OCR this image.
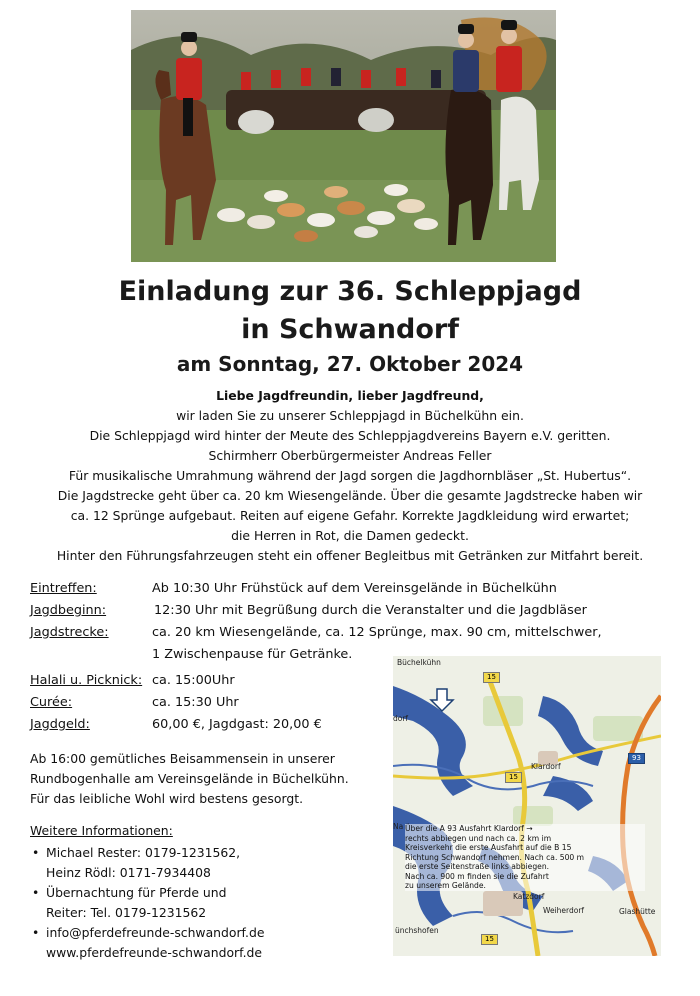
Einladung zur 36. Schleppjagd
in Schwandorf
am Sonntag, 27. Oktober 2024
Liebe Jagdfreundin, lieber Jagdfreund,
wir laden Sie zu unserer Schleppjagd in Büchelkühn ein.
Die Schleppjagd wird hinter der Meute des Schleppjagdvereins Bayern e.V. geritten.
Schirmherr Oberbürgermeister Andreas Feller
Für musikalische Umrahmung während der Jagd sorgen die Jagdhornbläser „St. Hubertus“.
Die Jagdstrecke geht über ca. 20 km Wiesengelände. Über die gesamte Jagdstrecke haben wir
ca. 12 Sprünge aufgebaut. Reiten auf eigene Gefahr. Korrekte Jagdkleidung wird erwartet;
die Herren in Rot, die Damen gedeckt.
Hinter den Führungsfahrzeugen steht ein offener Begleitbus mit Getränken zur Mitfahrt bereit.
Eintreffen:	Ab 10:30 Uhr Frühstück auf dem Vereinsgelände in Büchelkühn
Jagdbeginn:	12:30 Uhr mit Begrüßung durch die Veranstalter und die Jagdbläser
Jagdstrecke:	ca. 20 km Wiesengelände, ca. 12 Sprünge, max. 90 cm, mittelschwer,
1 Zwischenpause für Getränke.
Halali u. Picknick: ca. 15:00Uhr
Curée:	ca. 15:30 Uhr
Jagdgeld:	60,00 €, Jagdgast: 20,00 €
Ab 16:00 gemütliches Beisammensein in unserer
Rundbogenhalle am Vereinsgelände in Büchelkühn.
Für das leibliche Wohl wird bestens gesorgt.
Weitere Informationen:
• Michael Rester: 0179-1231562,
Heinz Rödl: 0171-7934408
• Übernachtung für Pferde und
Reiter: Tel. 0179-1231562
• info@pferdefreunde-schwandorf.de
www.pferdefreunde-schwandorf.de
Büchelkühn
dorf
Klardorf
Na
Katzdorf
Weiherdorf	Glashütte
ünchshofen
15
15
15
93
Über die A 93 Ausfahrt Klardorf →
rechts abbiegen und nach ca. 2 km im
Kreisverkehr die erste Ausfahrt auf die B 15
Richtung Schwandorf nehmen. Nach ca. 500 m
die erste Seitenstraße links abbiegen.
Nach ca. 900 m finden sie die Zufahrt
zu unserem Gelände.
